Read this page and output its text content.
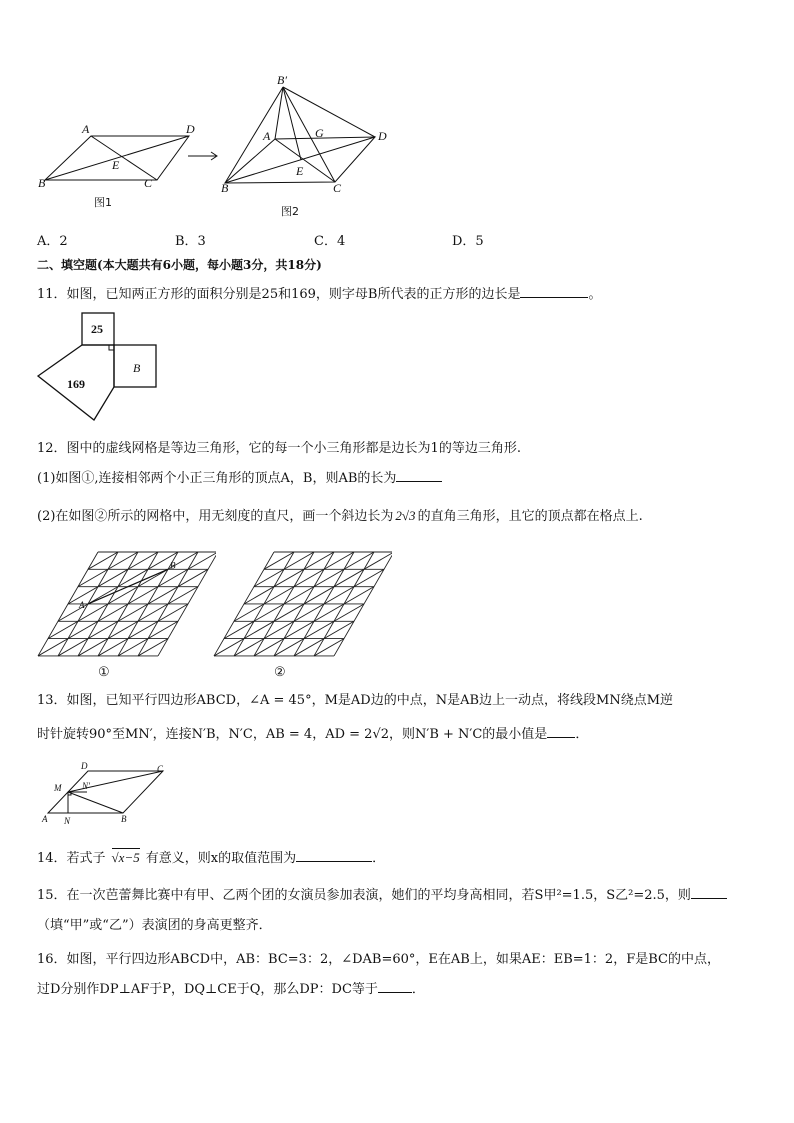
A	D
E
B	C
图1
B′
A	G	D
E
B	C
图2
A．2	B．3	C．4	D．5
二、填空题(本大题共有6小题，每小题3分，共18分)
11．如图，已知两正方形的面积分别是25和169，则字母B所代表的正方形的边长是	。
25
169
B
12．图中的虚线网格是等边三角形，它的每一个小三角形都是边长为1的等边三角形.
(1)如图①,连接相邻两个小正三角形的顶点A，B，则AB的长为
(2)在如图②所示的网格中，用无刻度的直尺，画一个斜边长为 2√3 的直角三角形，且它的顶点都在格点上.
A
B
①	②
13．如图，已知平行四边形ABCD，∠A = 45°，M是AD边的中点，N是AB边上一动点，将线段MN绕点M逆
时针旋转90°至MN′，连接N′B，N′C，AB = 4，AD = 2√2，则N′B + N′C的最小值是 ．
D	C
M N′
A N	B
14．若式子 √x−5 有意义，则x的取值范围为	．
15．在一次芭蕾舞比赛中有甲、乙两个团的女演员参加表演，她们的平均身高相同，若S甲²=1.5，S乙²=2.5，则
（填“甲”或“乙”）表演团的身高更整齐．
16．如图，平行四边形ABCD中，AB：BC=3：2，∠DAB=60°，E在AB上，如果AE：EB=1：2，F是BC的中点，
过D分别作DP⊥AF于P，DQ⊥CE于Q，那么DP：DC等于	．
